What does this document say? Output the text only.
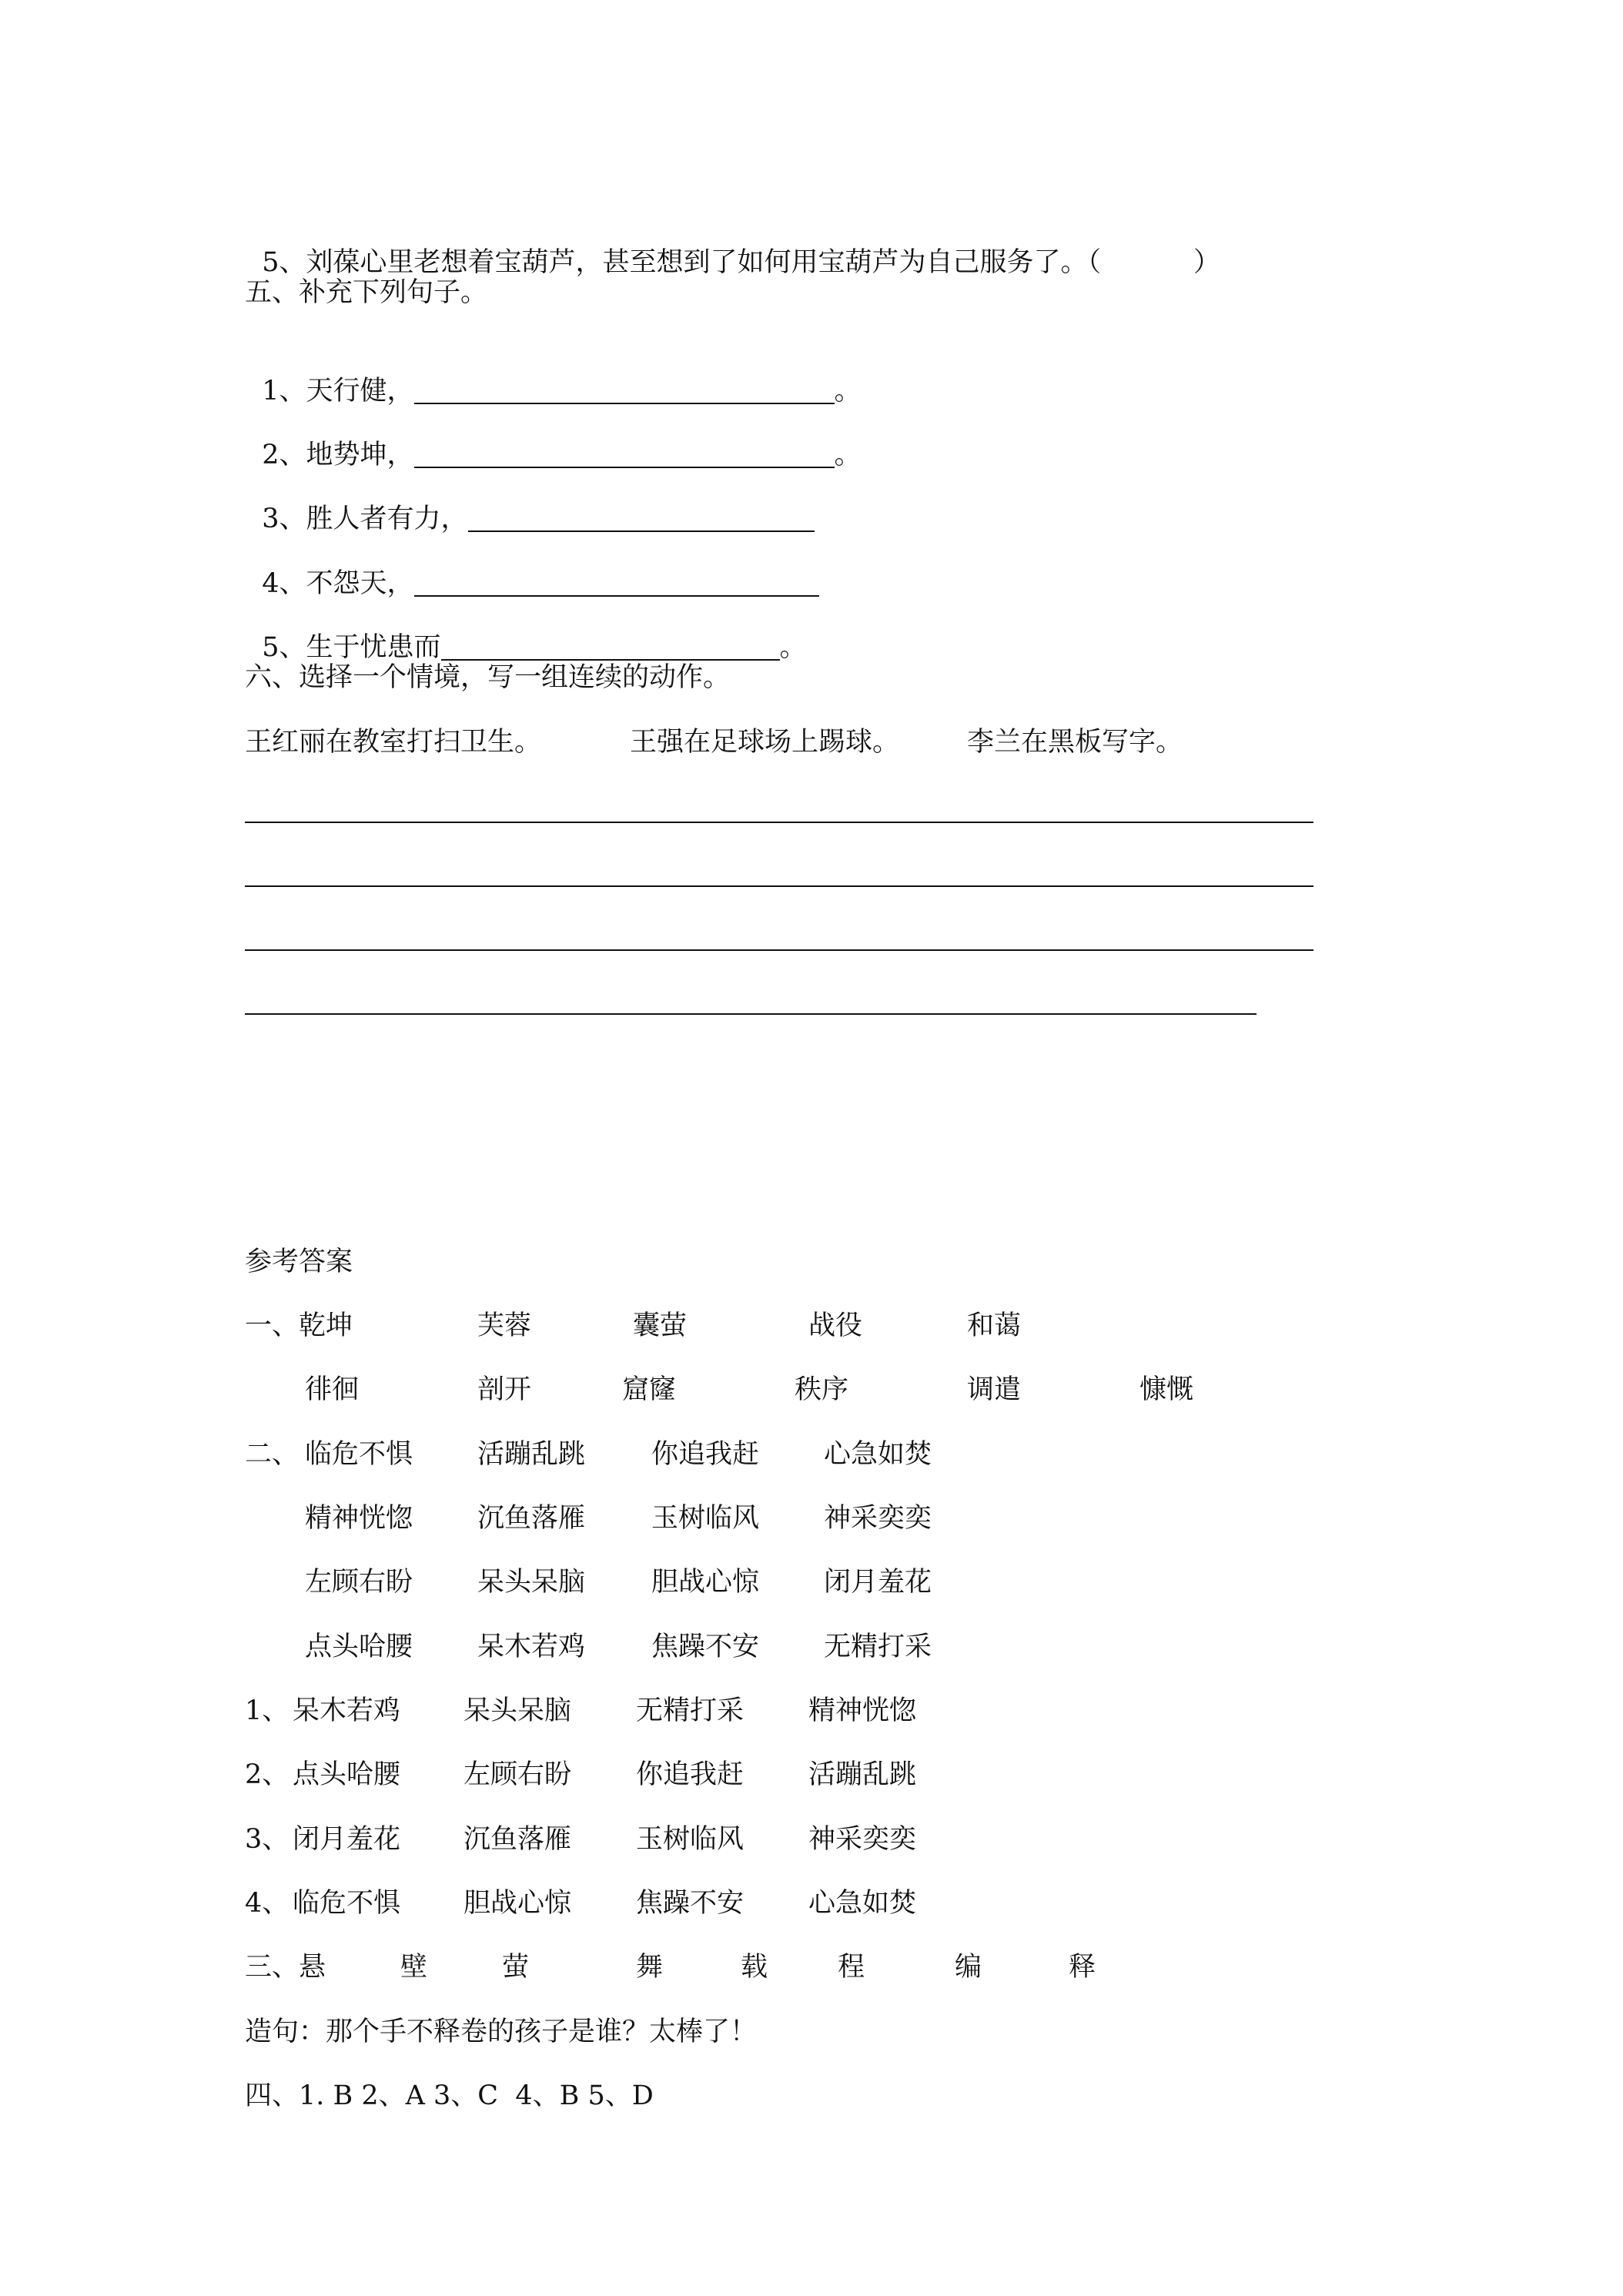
5、刘葆心里老想着宝葫芦，甚至想到了如何用宝葫芦为自己服务了。（	）

五、补充下列句子。

1、天行健，	。

2、地势坤，	。

3、胜人者有力，

4、不怨天，

5、生于忧患而	。

六、选择一个情境，写一组连续的动作。
王红丽在教室打扫卫生。	王强在足球场上踢球。	李兰在黑板写字。
参考答案
一、 乾坤	芙蓉	囊萤	战役	和蔼
徘徊	剖开	窟窿	秩序	调遣	慷慨
二、 临危不惧 活蹦乱跳 你追我赶 心急如焚
精神恍惚 沉鱼落雁 玉树临风 神采奕奕
左顾右盼 呆头呆脑 胆战心惊 闭月羞花
点头哈腰 呆木若鸡 焦躁不安 无精打采
1、 呆木若鸡 呆头呆脑 无精打采 精神恍惚
2、 点头哈腰 左顾右盼 你追我赶 活蹦乱跳
3、 闭月羞花 沉鱼落雁 玉树临风 神采奕奕
4、 临危不惧 胆战心惊 焦躁不安 心急如焚
三、 悬	壁	萤	舞	载	程	编	释
造句：那个手不释卷的孩子是谁？太棒了！
四、1. B 2、A 3、C  4、B 5、D
